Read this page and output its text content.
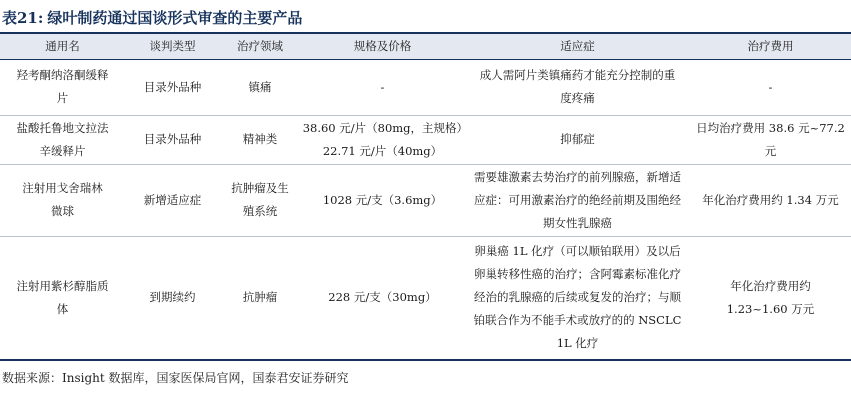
表21: 绿叶制药通过国谈形式审查的主要产品
通用名	谈判类型	治疗领域	规格及价格	适应症	治疗费用
羟考酮纳洛酮缓释片	目录外品种	镇痛	-	成人需阿片类镇痛药才能充分控制的重度疼痛	-
盐酸托鲁地文拉法辛缓释片	目录外品种	精神类	38.60 元/片（80mg，主规格）22.71 元/片（40mg）	抑郁症	日均治疗费用 38.6 元~77.2 元
注射用戈舍瑞林微球	新增适应症	抗肿瘤及生殖系统	1028 元/支（3.6mg）	需要雄激素去势治疗的前列腺癌，新增适应症：可用激素治疗的绝经前期及围绝经期女性乳腺癌	年化治疗费用约 1.34 万元
注射用紫杉醇脂质体	到期续约	抗肿瘤	228 元/支（30mg）	卵巢癌 1L 化疗（可以顺铂联用）及以后卵巢转移性癌的治疗；含阿霉素标准化疗经治的乳腺癌的后续或复发的治疗；与顺铂联合作为不能手术或放疗的的 NSCLC 1L 化疗	年化治疗费用约 1.23~1.60 万元
数据来源：Insight 数据库，国家医保局官网，国泰君安证券研究
